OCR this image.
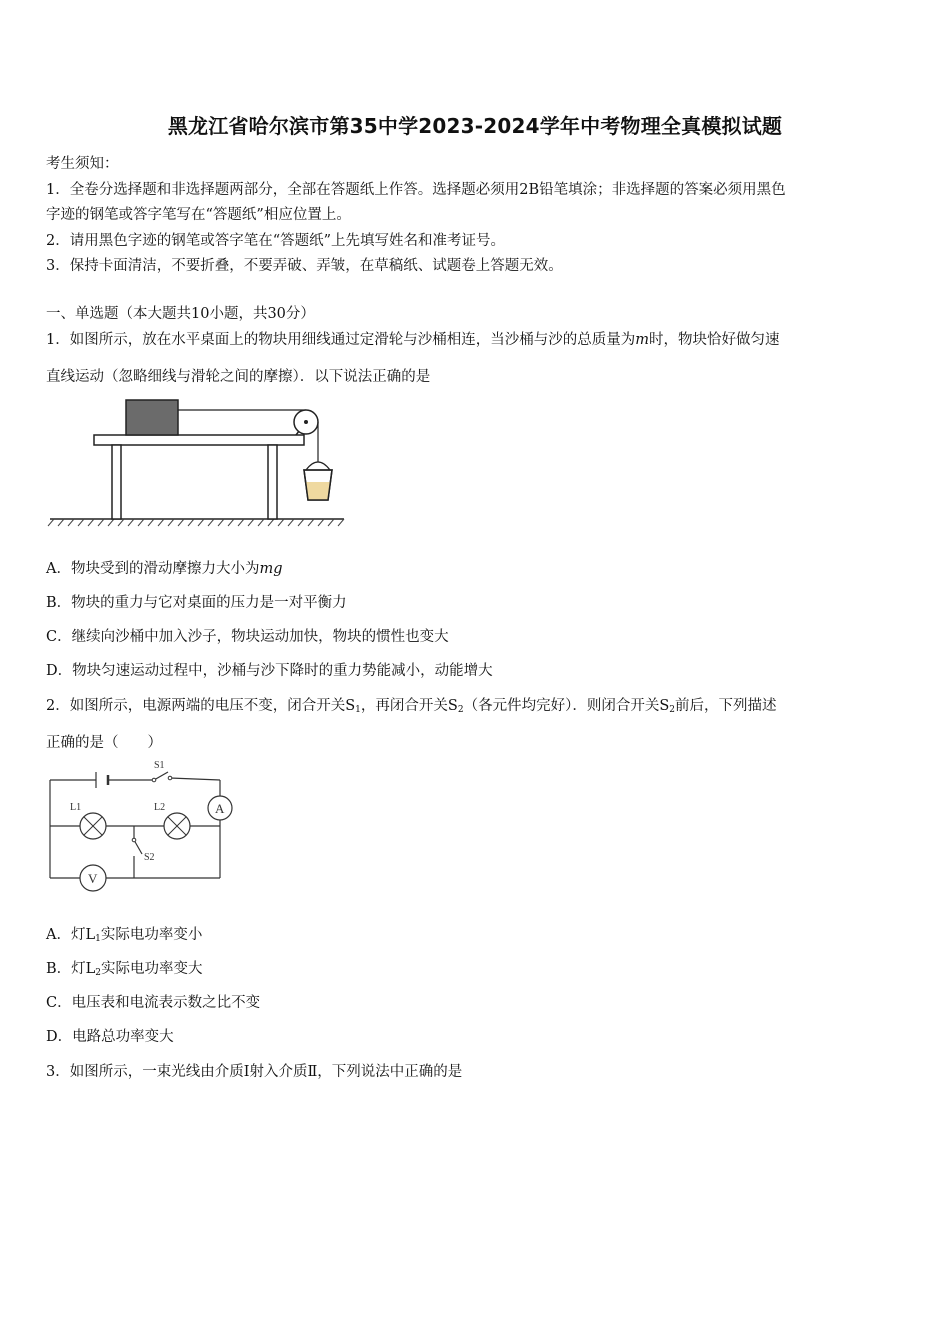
黑龙江省哈尔滨市第35中学2023-2024学年中考物理全真模拟试题
考生须知：
1．全卷分选择题和非选择题两部分，全部在答题纸上作答。选择题必须用2B铅笔填涂；非选择题的答案必须用黑色
字迹的钢笔或答字笔写在“答题纸”相应位置上。
2．请用黑色字迹的钢笔或答字笔在“答题纸”上先填写姓名和准考证号。
3．保持卡面清洁，不要折叠，不要弄破、弄皱，在草稿纸、试题卷上答题无效。
一、单选题（本大题共10小题，共30分）
1．如图所示，放在水平桌面上的物块用细线通过定滑轮与沙桶相连，当沙桶与沙的总质量为m时，物块恰好做匀速
直线运动（忽略细线与滑轮之间的摩擦）．以下说法正确的是
A．物块受到的滑动摩擦力大小为mg
B．物块的重力与它对桌面的压力是一对平衡力
C．继续向沙桶中加入沙子，物块运动加快，物块的惯性也变大
D．物块匀速运动过程中，沙桶与沙下降时的重力势能减小，动能增大
2．如图所示，电源两端的电压不变，闭合开关$S_1$，再闭合开关$S_2$（各元件均完好）．则闭合开关$S_2$前后，下列描述
正确的是（　　）
A
V
S1
S2
L1	L2
A．灯$L_1$实际电功率变小
B．灯$L_2$实际电功率变大
C．电压表和电流表示数之比不变
D．电路总功率变大
3．如图所示，一束光线由介质Ⅰ射入介质Ⅱ，下列说法中正确的是
